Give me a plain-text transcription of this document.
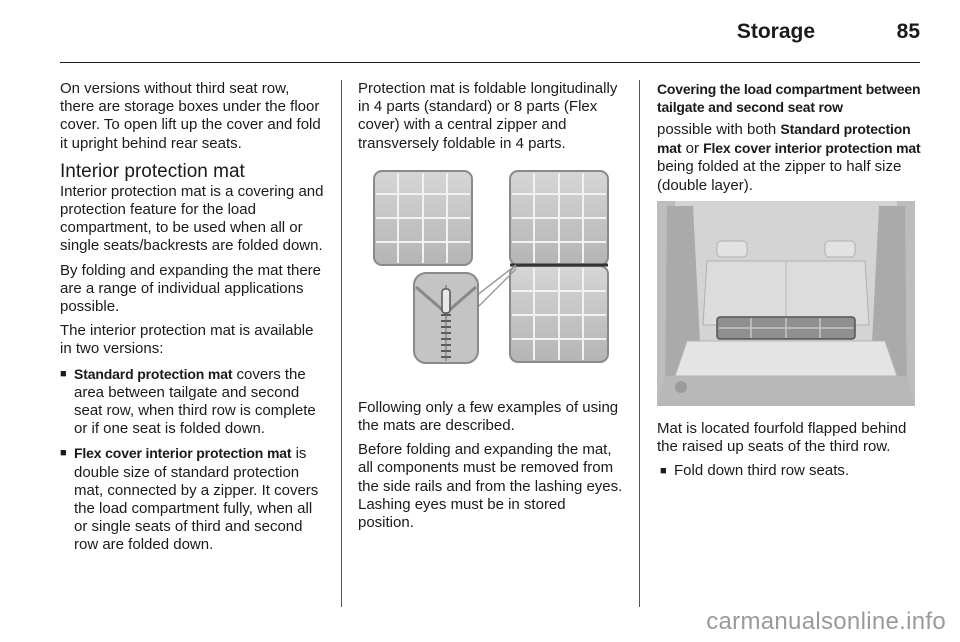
Storage	85

On versions without third seat row, there are storage boxes under the floor cover. To open lift up the cover and fold it upright behind rear seats.

Interior protection mat

Interior protection mat is a covering and protection feature for the load compartment, to be used when all or single seats/backrests are folded down.

By folding and expanding the mat there are a range of individual applications possible.

The interior protection mat is available in two versions:

■ Standard protection mat covers the area between tailgate and second seat row, when third row is complete or if one seat is folded down.
■ Flex cover interior protection mat is double size of standard protection mat, connected by a zipper. It covers the load compartment fully, when all or single seats of third and second row are folded down.

Protection mat is foldable longitudinally in 4 parts (standard) or 8 parts (Flex cover) with a central zipper and transversely foldable in 4 parts.

Following only a few examples of using the mats are described.

Before folding and expanding the mat, all components must be removed from the side rails and from the lashing eyes. Lashing eyes must be in stored position.

Covering the load compartment between tailgate and second seat row

possible with both Standard protection mat or Flex cover interior protection mat being folded at the zipper to half size (double layer).

Mat is located fourfold flapped behind the raised up seats of the third row.

■ Fold down third row seats.
carmanualsonline.info
